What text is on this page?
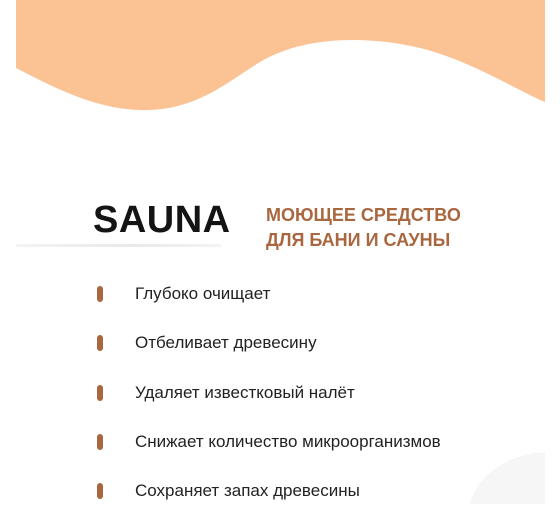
SAUNA МОЮЩЕЕ СРЕДСТВО
ДЛЯ БАНИ И САУНЫ
Глубоко очищает
Отбеливает древесину
Удаляет известковый налёт
Снижает количество микроорганизмов
Сохраняет запах древесины
